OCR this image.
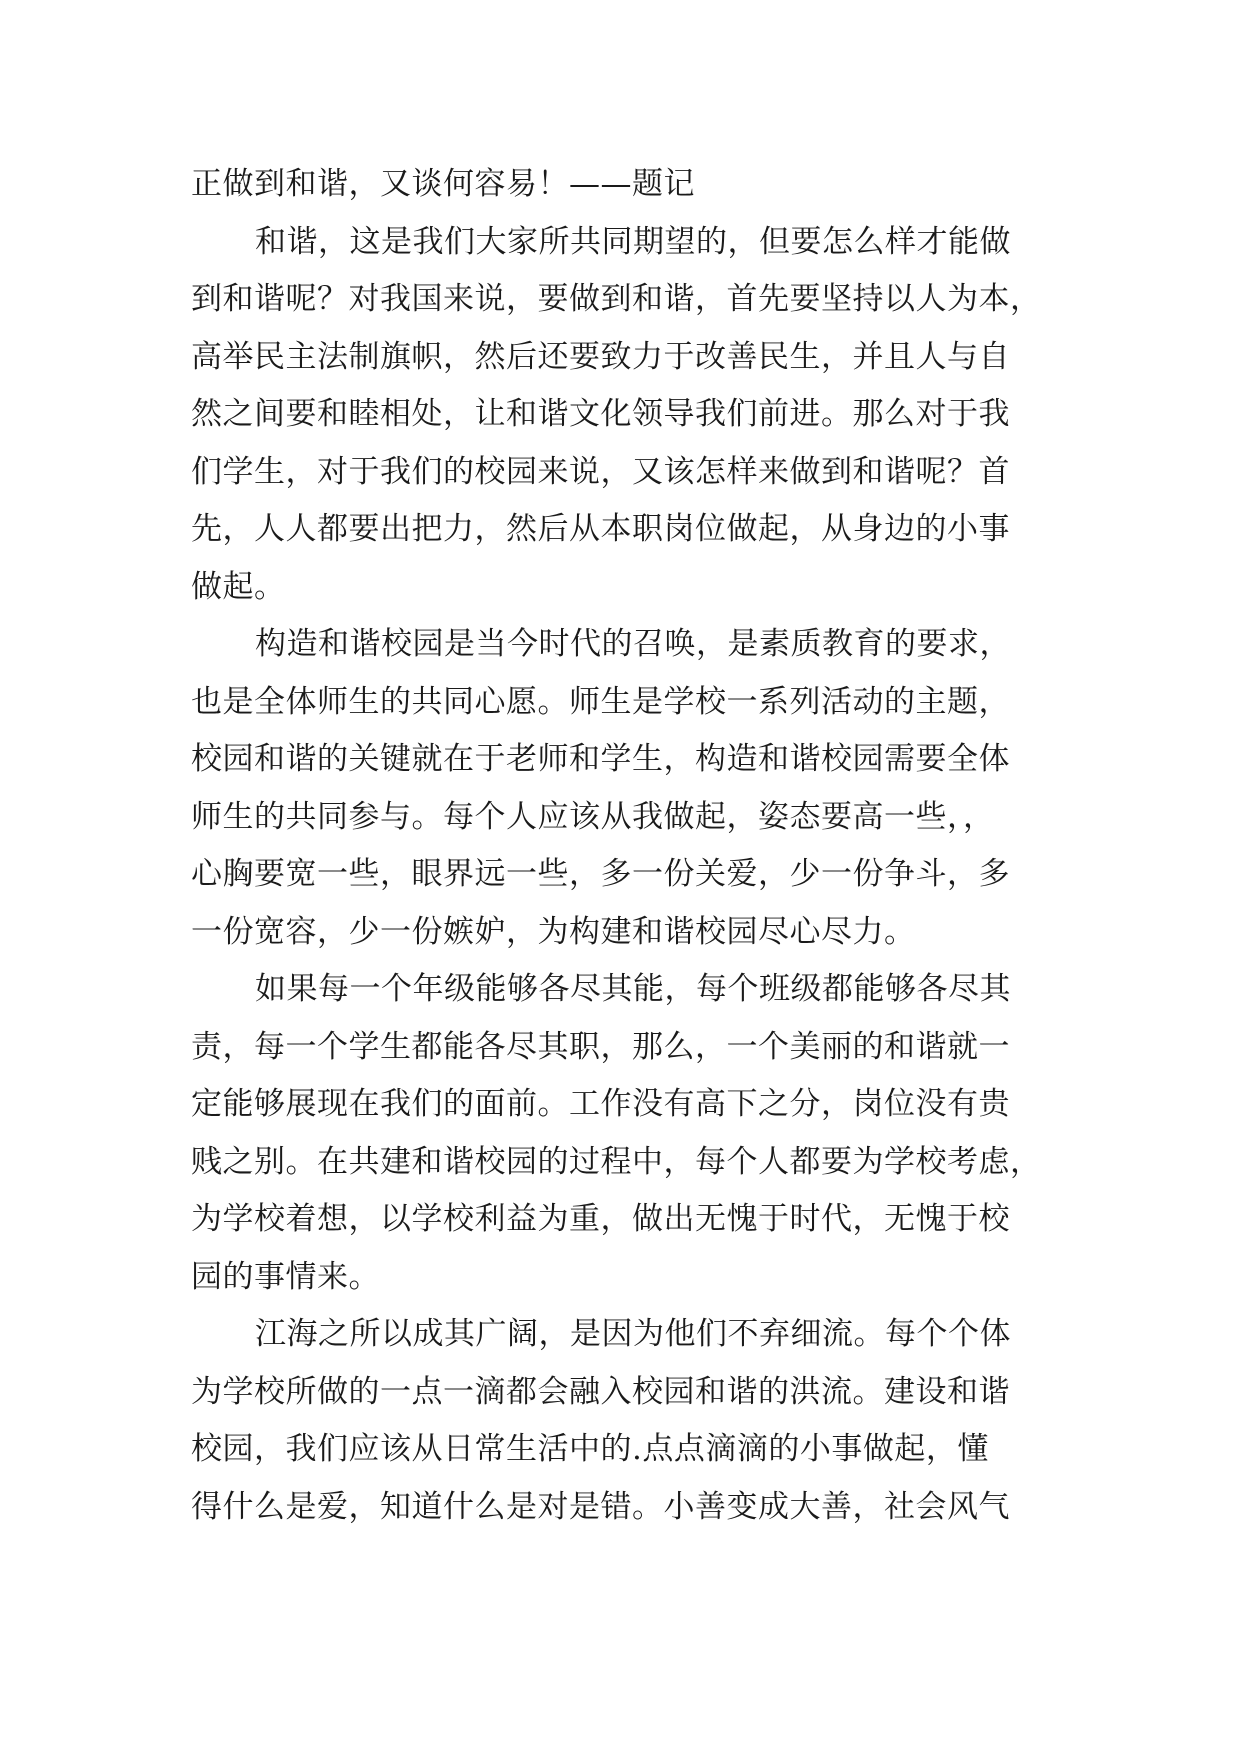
正做到和谐，又谈何容易！——题记
和谐，这是我们大家所共同期望的，但要怎么样才能做
到和谐呢？对我国来说，要做到和谐，首先要坚持以人为本，
高举民主法制旗帜，然后还要致力于改善民生，并且人与自
然之间要和睦相处，让和谐文化领导我们前进。那么对于我
们学生，对于我们的校园来说，又该怎样来做到和谐呢？首
先，人人都要出把力，然后从本职岗位做起，从身边的小事
做起。
构造和谐校园是当今时代的召唤，是素质教育的要求，
也是全体师生的共同心愿。师生是学校一系列活动的主题，
校园和谐的关键就在于老师和学生，构造和谐校园需要全体
师生的共同参与。每个人应该从我做起，姿态要高一些，，
心胸要宽一些，眼界远一些，多一份关爱，少一份争斗，多
一份宽容，少一份嫉妒，为构建和谐校园尽心尽力。
如果每一个年级能够各尽其能，每个班级都能够各尽其
责，每一个学生都能各尽其职，那么，一个美丽的和谐就一
定能够展现在我们的面前。工作没有高下之分，岗位没有贵
贱之别。在共建和谐校园的过程中，每个人都要为学校考虑，
为学校着想，以学校利益为重，做出无愧于时代，无愧于校
园的事情来。
江海之所以成其广阔，是因为他们不弃细流。每个个体
为学校所做的一点一滴都会融入校园和谐的洪流。建设和谐
校园，我们应该从日常生活中的.点点滴滴的小事做起，懂
得什么是爱，知道什么是对是错。小善变成大善，社会风气
